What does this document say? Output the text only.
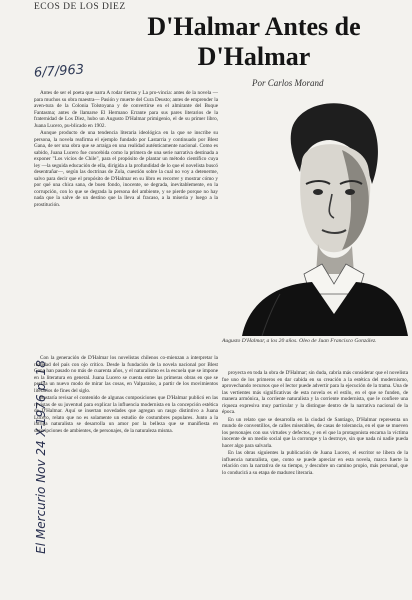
ECOS DE LOS DIEZ
D'Halmar Antes de
D'Halmar
Por Carlos Morand
6/7/963
El Mercurio Nov 24 X-1976 p. 18

Antes de ser el poeta que narra A rodar tierras y La pro-vincia: antes de la novela —para muchos su obra maestra— Pasión y muerte del Cura Deusto; antes de emprender la aven-tura de la Colonia Tolstoyana y de convertirse en el almirante del Buque Fantasma; antes de llamarse El Hermano Errante para sus pares literarios de la fraternidad de Los Diez, hubo un Augusto D'Halmar primigenio, el de su primer libro, Juana Lucero, pu-blicado en 1902.

Aunque producto de una tendencia literaria ideológica en la que se inscribe su persona, la novela reafirma el ejemplo fundado por Lastarria y continuado por Blest Gana, de ser una obra que se arraiga en una realidad auténticamente nacional. Como es sabido, Juana Lucero fue concebida como la primera de una serie narrativa destinada a exponer "Los vicios de Chile", para el propósito de plantar un método científico cuya ley —la seguida educación de ella, dirigida a la profundidad de lo que el novelista buscó desentrañar—, según las doctrinas de Zola, cuestión sobre la cual no voy a detenerme, salvo para decir que el propósito de D'Halmar en su libro es recorrer y mostrar cómo y por qué una chica sana, de buen fondo, inocente, se degrada, inevitablemente, en la corrupción, con lo que se degrada la persona del ambiente, y se pierde porque no hay nada que la salve de un destino que la lleva al fracaso, a la miseria y luego a la prostitución.

Augusto D'Halmar, a los 20 años. Oleo de Juan Francisco González.

Con la generación de D'Halmar los novelistas chilenos co-mienzan a interpretar la realidad del país con ojo crítico. Desde la fundación de la novela nacional por Blest Gana han pasado no más de cuarenta años, y el naturalismo es la escuela que se impone en la literatura en general. Juana Lucero se cuenta entre las primeras obras en que se perfila un nuevo modo de mirar las cosas, en Valparaíso, a partir de los movimientos literarios de fines del siglo.

Bastaría revisar el contenido de algunas composiciones que D'Halmar publicó en las revistas de su juventud para explicar la influencia modernista en la concepción estética de D'Halmar. Aquí se insertan novedades que agregan un rasgo distintivo a Juana Lucero, relato que no es solamente un estudio de costumbres populares. Junto a la intriga naturalista se desarrolla un amor por la belleza que se manifiesta en descripciones de ambientes, de personajes, de la naturaleza misma.

proyecta en toda la obra de D'Halmar; sin duda, cabría más considerar que el novelista fue uno de los primeros en dar cabida en su creación a la estética del modernismo, aprovechando recursos que el lector puede advertir para la ejecución de la trama. Una de las vertientes más significativas de esta novela es el estilo, en el que se funden, de manera armónica, la corriente naturalista y la corriente modernista, que le confiere una riqueza expresiva muy particular y la distingue dentro de la narrativa nacional de la época.

En un relato que se desarrolla en la ciudad de Santiago, D'Halmar representa un mundo de conventillos, de calles miserables, de casas de tolerancia, en el que se mueven los personajes con sus virtudes y defectos, y en el que la protagonista encarna la víctima inocente de un medio social que la corrompe y la destruye, sin que nada ni nadie pueda hacer algo para salvarla.

En las obras siguientes la publicación de Juana Lucero, el escritor se libera de la influencia naturalista, que, como se puede apreciar en esta novela, marca fuerte la relación con la narrativa de su tiempo, y descubre un camino propio, más personal, que lo conducirá a su etapa de madurez literaria.
